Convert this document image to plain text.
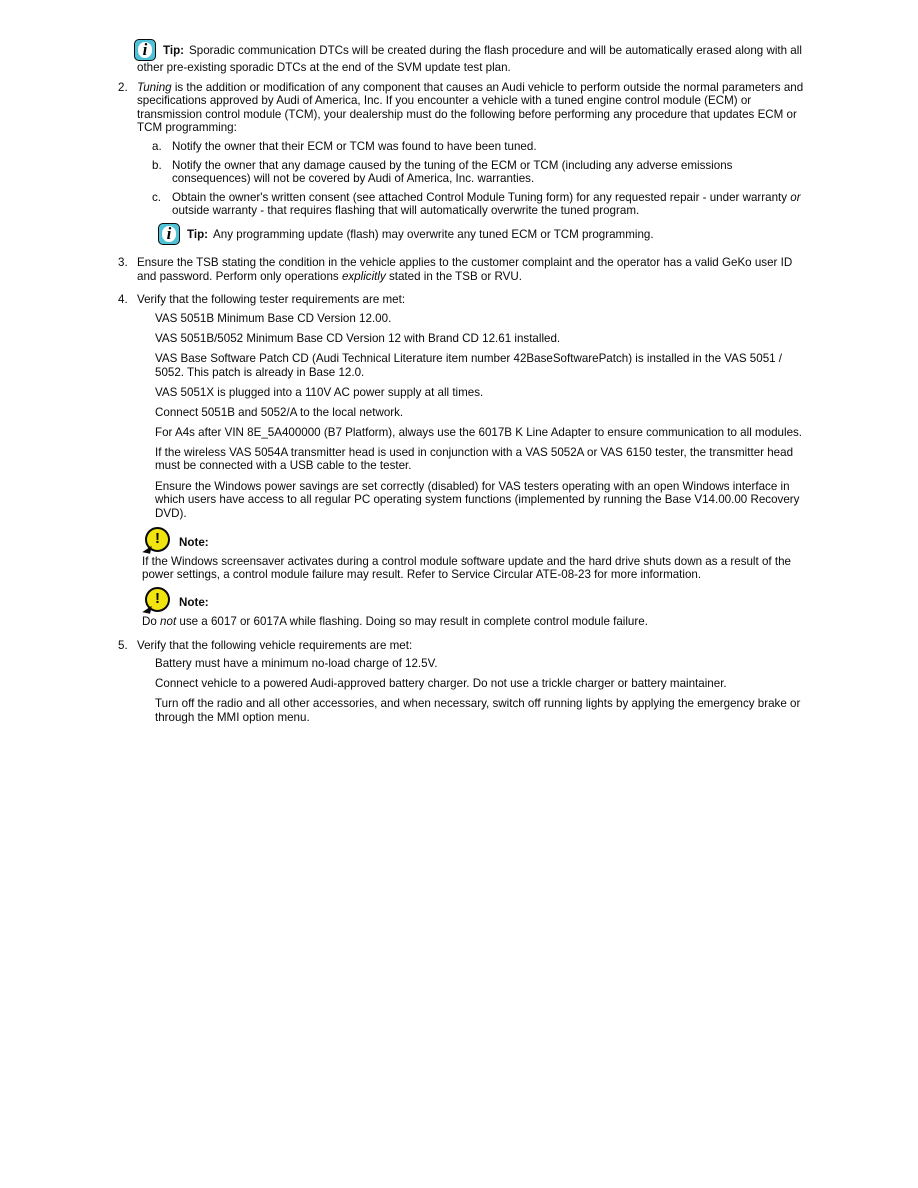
i	Tip: Sporadic communication DTCs will be created during the flash procedure and will be automatically erased along with all other pre-existing sporadic DTCs at the end of the SVM update test plan.
2. Tuning is the addition or modification of any component that causes an Audi vehicle to perform outside the normal parameters and specifications approved by Audi of America, Inc. If you encounter a vehicle with a tuned engine control module (ECM) or transmission control module (TCM), your dealership must do the following before performing any procedure that updates ECM or TCM programming:
a. Notify the owner that their ECM or TCM was found to have been tuned.
b. Notify the owner that any damage caused by the tuning of the ECM or TCM (including any adverse emissions consequences) will not be covered by Audi of America, Inc. warranties.
c. Obtain the owner's written consent (see attached Control Module Tuning form) for any requested repair - under warranty or outside warranty - that requires flashing that will automatically overwrite the tuned program.
i	Tip: Any programming update (flash) may overwrite any tuned ECM or TCM programming.
3. Ensure the TSB stating the condition in the vehicle applies to the customer complaint and the operator has a valid GeKo user ID and password. Perform only operations explicitly stated in the TSB or RVU.
4. Verify that the following tester requirements are met:
VAS 5051B Minimum Base CD Version 12.00.
VAS 5051B/5052 Minimum Base CD Version 12 with Brand CD 12.61 installed.
VAS Base Software Patch CD (Audi Technical Literature item number 42BaseSoftwarePatch) is installed in the VAS 5051 / 5052. This patch is already in Base 12.0.
VAS 5051X is plugged into a 110V AC power supply at all times.
Connect 5051B and 5052/A to the local network.
For A4s after VIN 8E_5A400000 (B7 Platform), always use the 6017B K Line Adapter to ensure communication to all modules.
If the wireless VAS 5054A transmitter head is used in conjunction with a VAS 5052A or VAS 6150 tester, the transmitter head must be connected with a USB cable to the tester.
Ensure the Windows power savings are set correctly (disabled) for VAS testers operating with an open Windows interface in which users have access to all regular PC operating system functions (implemented by running the Base V14.00.00 Recovery DVD).
!	Note:
If the Windows screensaver activates during a control module software update and the hard drive shuts down as a result of the power settings, a control module failure may result. Refer to Service Circular ATE-08-23 for more information.
!	Note:
Do not use a 6017 or 6017A while flashing. Doing so may result in complete control module failure.
5. Verify that the following vehicle requirements are met:
Battery must have a minimum no-load charge of 12.5V.
Connect vehicle to a powered Audi-approved battery charger. Do not use a trickle charger or battery maintainer.
Turn off the radio and all other accessories, and when necessary, switch off running lights by applying the emergency brake or through the MMI option menu.
